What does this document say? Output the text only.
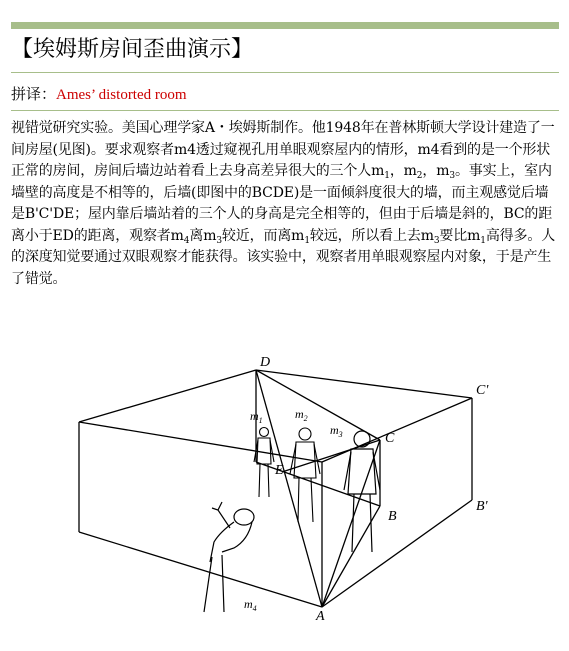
【埃姆斯房间歪曲演示】
拼译：Ames’ distorted room
视错觉研究实验。美国心理学家A・埃姆斯制作。他1948年在普林斯顿大学设计建造了一间房屋(见图)。要求观察者m4透过窥视孔用单眼观察屋内的情形，m4看到的是一个形状正常的房间，房间后墙边站着看上去身高差异很大的三个人$m_1$，$m_2$，$m_3$。事实上，室内墙壁的高度是不相等的，后墙(即图中的BCDE)是一面倾斜度很大的墙，而主观感觉后墙是B'C'DE；屋内靠后墙站着的三个人的身高是完全相等的，但由于后墙是斜的，BC的距离小于ED的距离，观察者$m_4$离$m_3$较近，而离$m_1$较远，所以看上去$m_3$要比$m_1$高得多。人的深度知觉要通过双眼观察才能获得。该实验中，观察者用单眼观察屋内对象，于是产生了错觉。
D
C'
C
E
B
B'
A
$m_1$	$m_2$
$m_3$
$m_4$
